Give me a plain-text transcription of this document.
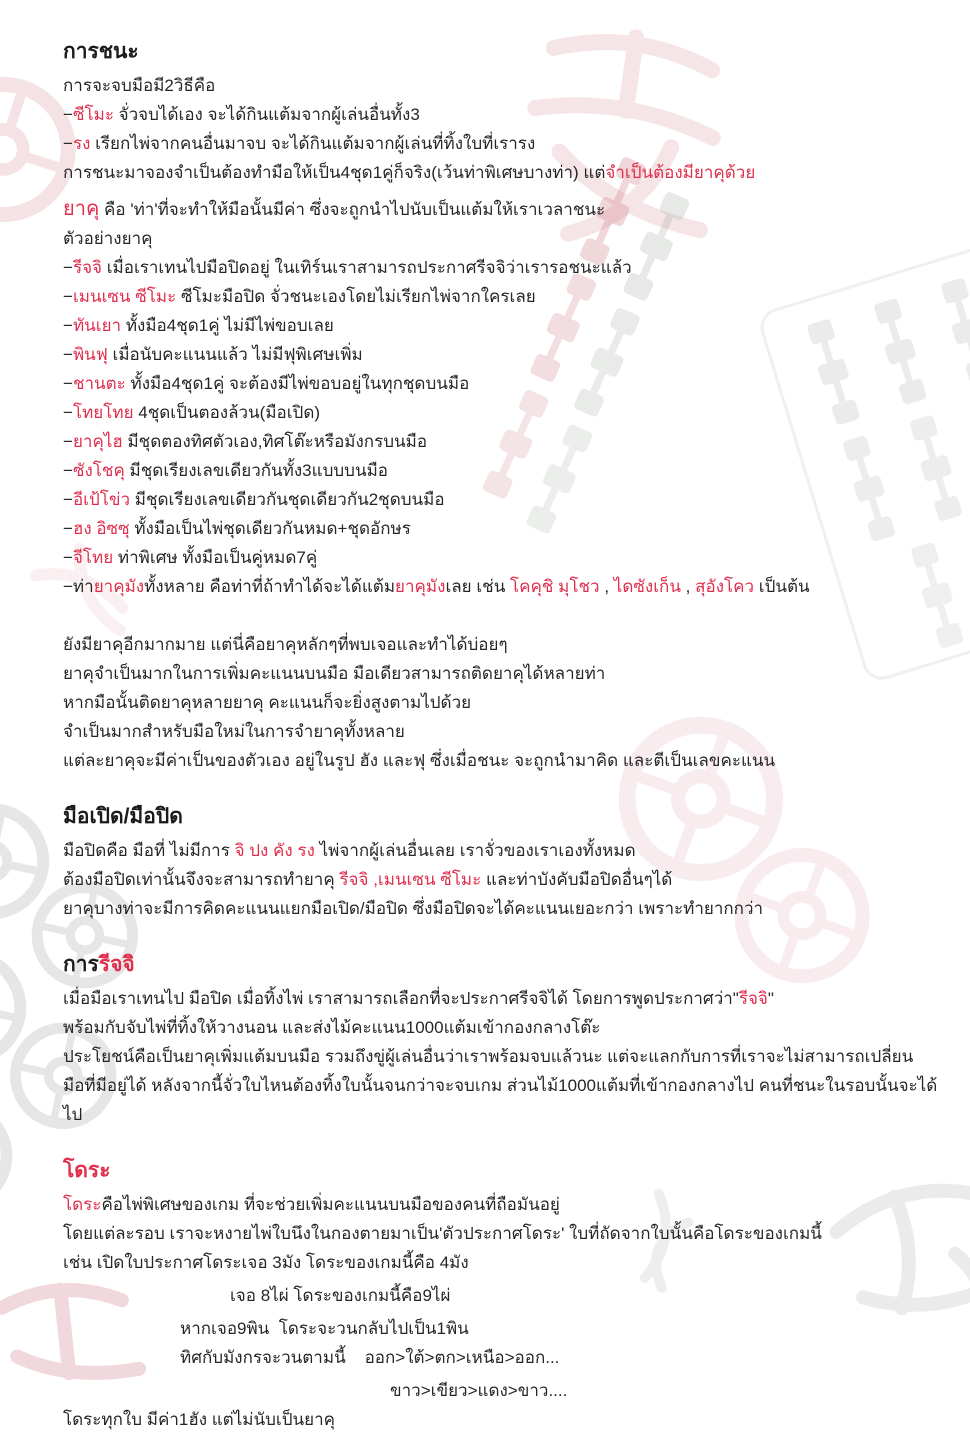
การชนะ
การจะจบมือมี2วิธีคือ
−ซีโมะ จั่วจบได้เอง จะได้กินแต้มจากผู้เล่นอื่นทั้ง3
−รง เรียกไพ่จากคนอื่นมาจบ จะได้กินแต้มจากผู้เล่นที่ทิ้งใบที่เรารง
การชนะมาจองจำเป็นต้องทำมือให้เป็น4ชุด1คู่ก็จริง(เว้นท่าพิเศษบางท่า) แต่จำเป็นต้องมียาคุด้วย
ยาคุ คือ 'ท่า'ที่จะทำให้มือนั้นมีค่า ซึ่งจะถูกนำไปนับเป็นแต้มให้เราเวลาชนะ
ตัวอย่างยาคุ
−รีจจิ เมื่อเราเทนไปมือปิดอยู่ ในเทิร์นเราสามารถประกาศรีจจิว่าเรารอชนะแล้ว
−เมนเซน ซีโมะ ซีโมะมือปิด จั่วชนะเองโดยไม่เรียกไพ่จากใครเลย
−ทันเยา ทั้งมือ4ชุด1คู่ ไม่มีไพ่ขอบเลย
−พินฟุ เมื่อนับคะแนนแล้ว ไม่มีฟุพิเศษเพิ่ม
−ชานตะ ทั้งมือ4ชุด1คู่ จะต้องมีไพ่ขอบอยู่ในทุกชุดบนมือ
−โทยโทย 4ชุดเป็นตองล้วน(มือเปิด)
−ยาคุไฮ มีชุดตองทิศตัวเอง,ทิศโต๊ะหรือมังกรบนมือ
−ซังโชคุ มีชุดเรียงเลขเดียวกันทั้ง3แบบบนมือ
−อีเป้โข่ว มีชุดเรียงเลขเดียวกันชุดเดียวกัน2ชุดบนมือ
−ฮง อิซซุ ทั้งมือเป็นไพ่ชุดเดียวกันหมด+ชุดอักษร
−จีโทย ท่าพิเศษ ทั้งมือเป็นคู่หมด7คู่
−ท่ายาคุมังทั้งหลาย คือท่าที่ถ้าทำได้จะได้แต้มยาคุมังเลย เช่น โคคุชิ มุโชว , ไดซังเก็น , สุอังโคว เป็นต้น
ยังมียาคุอีกมากมาย แต่นี่คือยาคุหลักๆที่พบเจอและทำได้บ่อยๆ
ยาคุจำเป็นมากในการเพิ่มคะแนนบนมือ มือเดียวสามารถติดยาคุได้หลายท่า
หากมือนั้นติดยาคุหลายยาคุ คะแนนก็จะยิ่งสูงตามไปด้วย
จำเป็นมากสำหรับมือใหม่ในการจำยาคุทั้งหลาย
แต่ละยาคุจะมีค่าเป็นของตัวเอง อยู่ในรูป ฮัง และฟุ ซึ่งเมื่อชนะ จะถูกนำมาคิด และตีเป็นเลขคะแนน
มือเปิด/มือปิด
มือปิดคือ มือที่ ไม่มีการ จิ ปง คัง รง ไพ่จากผู้เล่นอื่นเลย เราจั่วของเราเองทั้งหมด
ต้องมือปิดเท่านั้นจึงจะสามารถทำยาคุ รีจจิ ,เมนเซน ซีโมะ และท่าบังคับมือปิดอื่นๆได้
ยาคุบางท่าจะมีการคิดคะแนนแยกมือเปิด/มือปิด ซึ่งมือปิดจะได้คะแนนเยอะกว่า เพราะทำยากกว่า
การรีจจิ
เมื่อมือเราเทนไป มือปิด เมื่อทิ้งไพ่ เราสามารถเลือกที่จะประกาศรีจจิได้ โดยการพูดประกาศว่า"รีจจิ"
พร้อมกับจับไพ่ที่ทิ้งให้วางนอน และส่งไม้คะแนน1000แต้มเข้ากองกลางโต๊ะ
ประโยชน์คือเป็นยาคุเพิ่มแต้มบนมือ รวมถึงขู่ผู้เล่นอื่นว่าเราพร้อมจบแล้วนะ แต่จะแลกกับการที่เราจะไม่สามารถเปลี่ยน
มือที่มีอยู่ได้ หลังจากนี้จั่วใบไหนต้องทิ้งใบนั้นจนกว่าจะจบเกม ส่วนไม้1000แต้มที่เข้ากองกลางไป คนที่ชนะในรอบนั้นจะได้ไป
โดระ
โดระคือไพ่พิเศษของเกม ที่จะช่วยเพิ่มคะแนนบนมือของคนที่ถือมันอยู่
โดยแต่ละรอบ เราจะหงายไพ่ใบนึงในกองตายมาเป็น'ตัวประกาศโดระ' ใบที่ถัดจากใบนั้นคือโดระของเกมนี้
เช่น เปิดใบประกาศโดระเจอ 3มัง โดระของเกมนี้คือ 4มัง
เจอ 8ไผ่ โดระของเกมนี้คือ9ไผ่
หากเจอ9พิน  โดระจะวนกลับไปเป็น1พิน
ทิศกับมังกรจะวนตามนี้    ออก>ใต้>ตก>เหนือ>ออก...
ขาว>เขียว>แดง>ขาว....
โดระทุกใบ มีค่า1ฮัง แต่ไม่นับเป็นยาคุ
